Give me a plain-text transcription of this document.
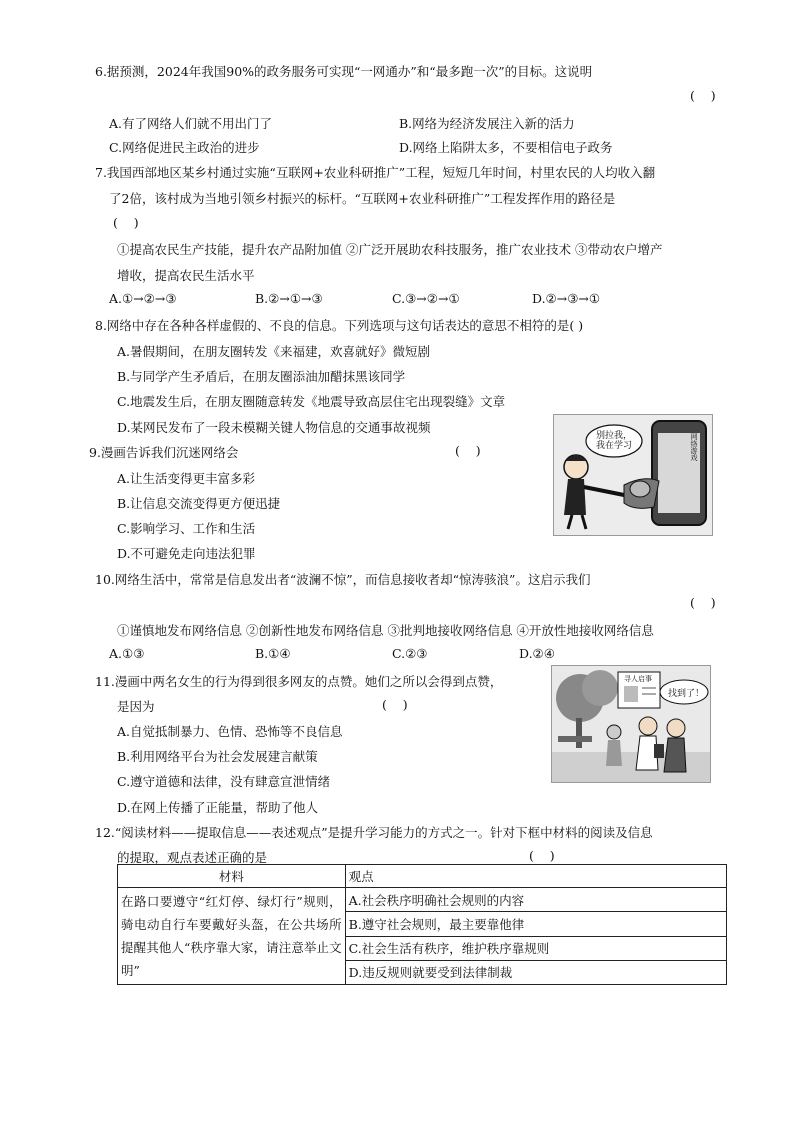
6.据预测，2024年我国90%的政务服务可实现“一网通办”和“最多跑一次”的目标。这说明
(    )
A.有了网络人们就不用出门了	B.网络为经济发展注入新的活力
C.网络促进民主政治的进步	D.网络上陷阱太多，不要相信电子政务
7.我国西部地区某乡村通过实施“互联网+农业科研推广”工程，短短几年时间，村里农民的人均收入翻
了2倍，该村成为当地引领乡村振兴的标杆。“互联网+农业科研推广”工程发挥作用的路径是
(    )
①提高农民生产技能，提升农产品附加值 ②广泛开展助农科技服务，推广农业技术 ③带动农户增产
增收，提高农民生活水平
A.①→②→③	B.②→①→③	C.③→②→①	D.②→③→①
8.网络中存在各种各样虚假的、不良的信息。下列选项与这句话表达的意思不相符的是( )
A.暑假期间，在朋友圈转发《来福建，欢喜就好》微短剧
B.与同学产生矛盾后，在朋友圈添油加醋抹黑该同学
C.地震发生后，在朋友圈随意转发《地震导致高层住宅出现裂缝》文章
D.某网民发布了一段未模糊关键人物信息的交通事故视频
9.漫画告诉我们沉迷网络会	(    )
A.让生活变得更丰富多彩
B.让信息交流变得更方便迅捷
C.影响学习、工作和生活
D.不可避免走向违法犯罪
别拉我，
我在学习	网络游戏
10.网络生活中，常常是信息发出者“波澜不惊”，而信息接收者却“惊涛骇浪”。这启示我们
(    )
①谨慎地发布网络信息 ②创新性地发布网络信息 ③批判地接收网络信息 ④开放性地接收网络信息
A.①③	B.①④	C.②③	D.②④
11.漫画中两名女生的行为得到很多网友的点赞。她们之所以会得到点赞，
是因为	(    )
A.自觉抵制暴力、色情、恐怖等不良信息
B.利用网络平台为社会发展建言献策
C.遵守道德和法律，没有肆意宣泄情绪
D.在网上传播了正能量，帮助了他人
寻人启事
找到了！
12.“阅读材料——提取信息——表述观点”是提升学习能力的方式之一。针对下框中材料的阅读及信息
的提取，观点表述正确的是	(    )
材料	观点
在路口要遵守“红灯停、绿灯行”规则，骑电动自行车要戴好头盔，在公共场所提醒其他人“秩序靠大家，请注意举止文明”	A.社会秩序明确社会规则的内容
	B.遵守社会规则，最主要靠他律
	C.社会生活有秩序，维护秩序靠规则
	D.违反规则就要受到法律制裁
